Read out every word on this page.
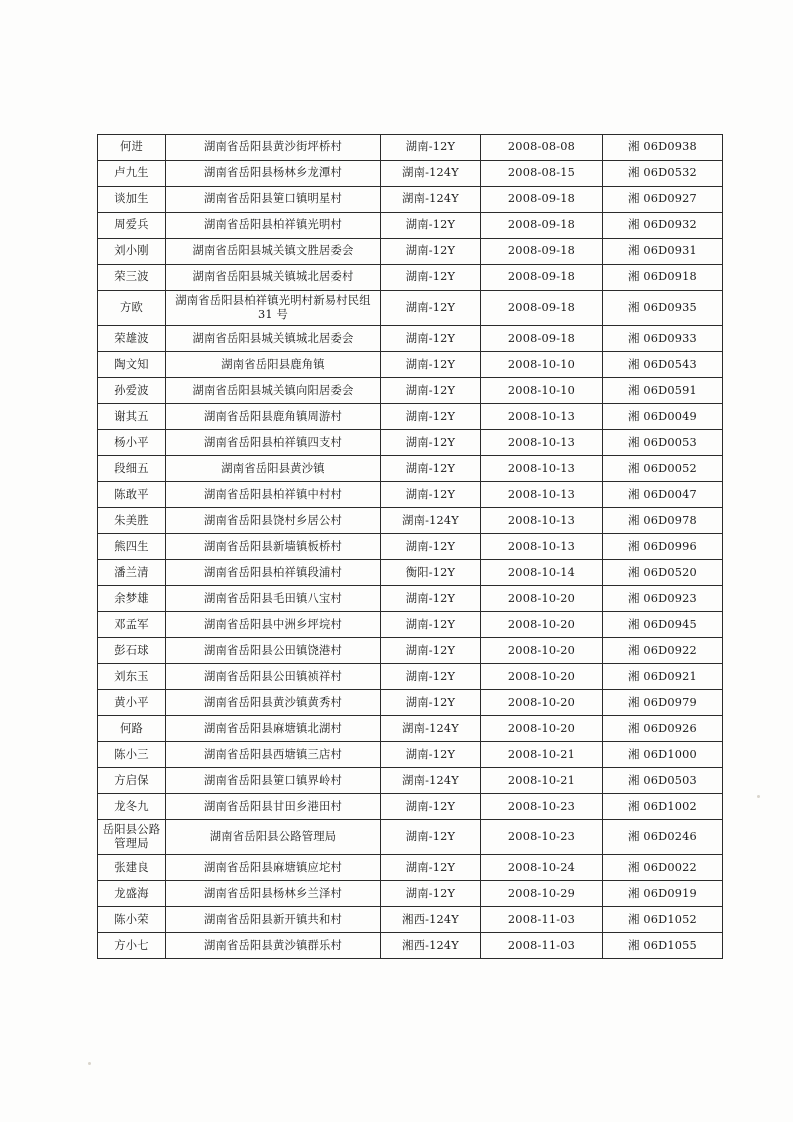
何进	湖南省岳阳县黄沙街坪桥村	湖南-12Y	2008-08-08	湘 06D0938
卢九生	湖南省岳阳县杨林乡龙潭村	湖南-124Y	2008-08-15	湘 06D0532
谈加生	湖南省岳阳县筻口镇明星村	湖南-124Y	2008-09-18	湘 06D0927
周爱兵	湖南省岳阳县柏祥镇光明村	湖南-12Y	2008-09-18	湘 06D0932
刘小刚	湖南省岳阳县城关镇文胜居委会	湖南-12Y	2008-09-18	湘 06D0931
荣三波	湖南省岳阳县城关镇城北居委村	湖南-12Y	2008-09-18	湘 06D0918
方欧	湖南省岳阳县柏祥镇光明村新易村民组 31 号	湖南-12Y	2008-09-18	湘 06D0935
荣雄波	湖南省岳阳县城关镇城北居委会	湖南-12Y	2008-09-18	湘 06D0933
陶文知	湖南省岳阳县鹿角镇	湖南-12Y	2008-10-10	湘 06D0543
孙爱波	湖南省岳阳县城关镇向阳居委会	湖南-12Y	2008-10-10	湘 06D0591
谢其五	湖南省岳阳县鹿角镇周游村	湖南-12Y	2008-10-13	湘 06D0049
杨小平	湖南省岳阳县柏祥镇四支村	湖南-12Y	2008-10-13	湘 06D0053
段细五	湖南省岳阳县黄沙镇	湖南-12Y	2008-10-13	湘 06D0052
陈敢平	湖南省岳阳县柏祥镇中村村	湖南-12Y	2008-10-13	湘 06D0047
朱美胜	湖南省岳阳县饶村乡居公村	湖南-124Y	2008-10-13	湘 06D0978
熊四生	湖南省岳阳县新墙镇板桥村	湖南-12Y	2008-10-13	湘 06D0996
潘兰清	湖南省岳阳县柏祥镇段浦村	衡阳-12Y	2008-10-14	湘 06D0520
余梦雄	湖南省岳阳县毛田镇八宝村	湖南-12Y	2008-10-20	湘 06D0923
邓孟军	湖南省岳阳县中洲乡坪垸村	湖南-12Y	2008-10-20	湘 06D0945
彭石球	湖南省岳阳县公田镇饶港村	湖南-12Y	2008-10-20	湘 06D0922
刘东玉	湖南省岳阳县公田镇祯祥村	湖南-12Y	2008-10-20	湘 06D0921
黄小平	湖南省岳阳县黄沙镇黄秀村	湖南-12Y	2008-10-20	湘 06D0979
何路	湖南省岳阳县麻塘镇北湖村	湖南-124Y	2008-10-20	湘 06D0926
陈小三	湖南省岳阳县西塘镇三店村	湖南-12Y	2008-10-21	湘 06D1000
方启保	湖南省岳阳县筻口镇界岭村	湖南-124Y	2008-10-21	湘 06D0503
龙冬九	湖南省岳阳县甘田乡港田村	湖南-12Y	2008-10-23	湘 06D1002
岳阳县公路管理局	湖南省岳阳县公路管理局	湖南-12Y	2008-10-23	湘 06D0246
张建良	湖南省岳阳县麻塘镇应坨村	湖南-12Y	2008-10-24	湘 06D0022
龙盛海	湖南省岳阳县杨林乡兰泽村	湖南-12Y	2008-10-29	湘 06D0919
陈小荣	湖南省岳阳县新开镇共和村	湘西-124Y	2008-11-03	湘 06D1052
方小七	湖南省岳阳县黄沙镇群乐村	湘西-124Y	2008-11-03	湘 06D1055
